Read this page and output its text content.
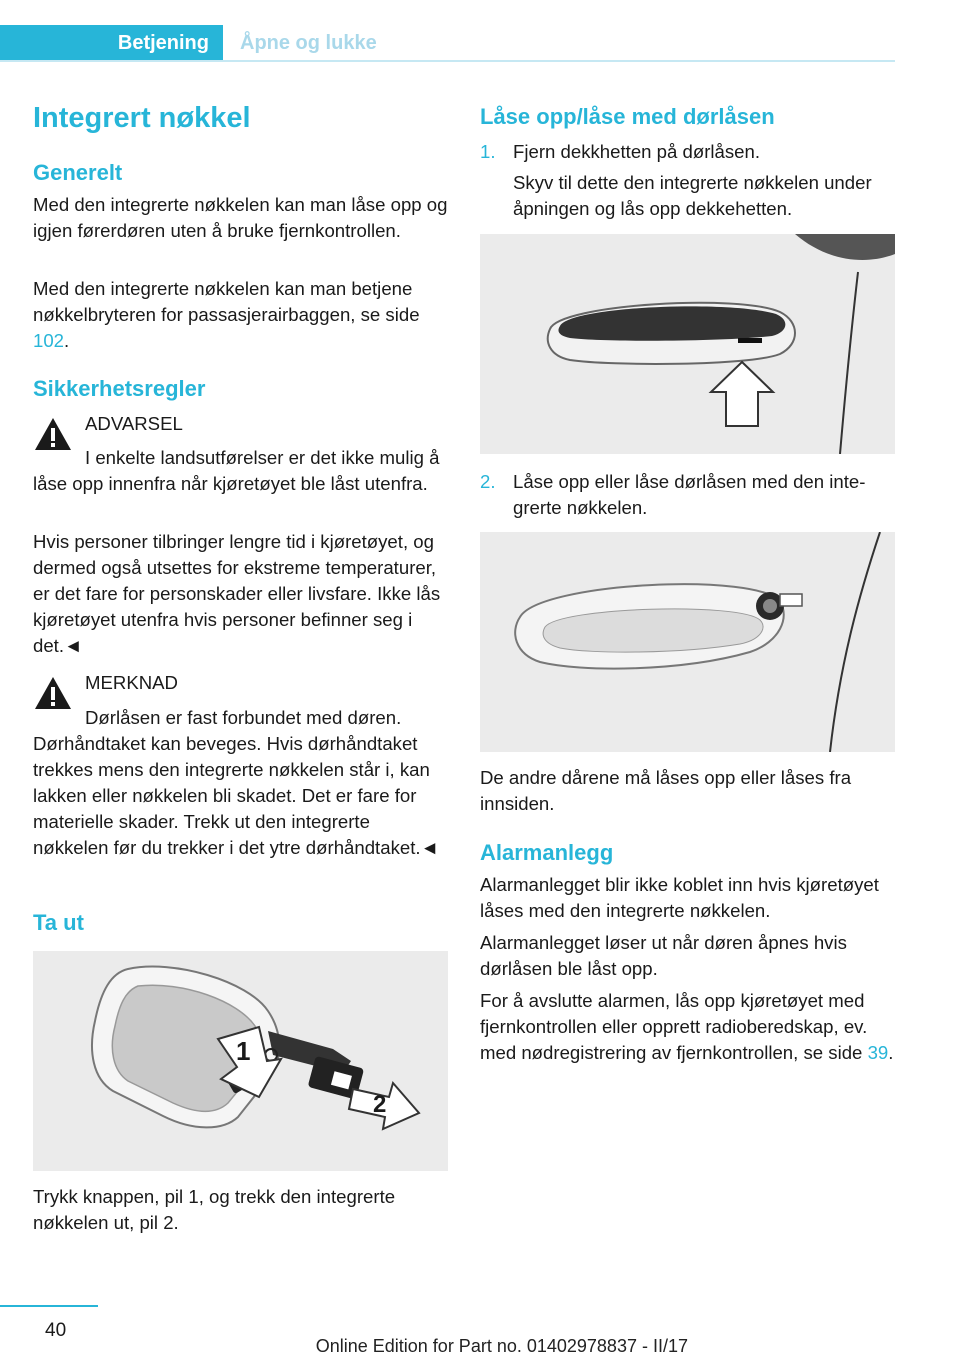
Betjening	Åpne og lukke
Integrert nøkkel
Generelt

Med den integrerte nøkkelen kan man låse opp og igjen førerdøren uten å bruke fjernkontrollen.

Med den integrerte nøkkelen kan man betjene nøkkelbryteren for passasjerairbaggen, se side 102.

Sikkerhetsregler
ADVARSEL

I enkelte landsutførelser er det ikke mulig å låse opp innenfra når kjøretøyet ble låst utenfra.

Hvis personer tilbringer lengre tid i kjøretøyet, og dermed også utsettes for ekstreme temperaturer, er det fare for personskader eller livsfare. Ikke lås kjøretøyet utenfra hvis personer befinner seg i det.◄

MERKNAD

Dørlåsen er fast forbundet med døren. Dørhåndtaket kan beveges. Hvis dørhåndtaket trekkes mens den integrerte nøkkelen står i, kan lakken eller nøkkelen bli skadet. Det er fare for materielle skader. Trekk ut den integrerte nøkkelen før du trekker i det ytre dørhåndtaket.◄

Ta ut
1
2

Trykk knappen, pil 1, og trekk den integrerte nøkkelen ut, pil 2.

Låse opp/låse med dørlåsen
1. Fjern dekkhetten på dørlåsen.

Skyv til dette den integrerte nøkkelen under åpningen og lås opp dekkehetten.

2. Låse opp eller låse dørlåsen med den integrerte nøkkelen.

De andre dårene må låses opp eller låses fra innsiden.

Alarmanlegg

Alarmanlegget blir ikke koblet inn hvis kjøretøyet låses med den integrerte nøkkelen.

Alarmanlegget løser ut når døren åpnes hvis dørlåsen ble låst opp.

For å avslutte alarmen, lås opp kjøretøyet med fjernkontrollen eller opprett radioberedskap, ev. med nødregistrering av fjernkontrollen, se side 39.

40
Online Edition for Part no. 01402978837 - II/17
